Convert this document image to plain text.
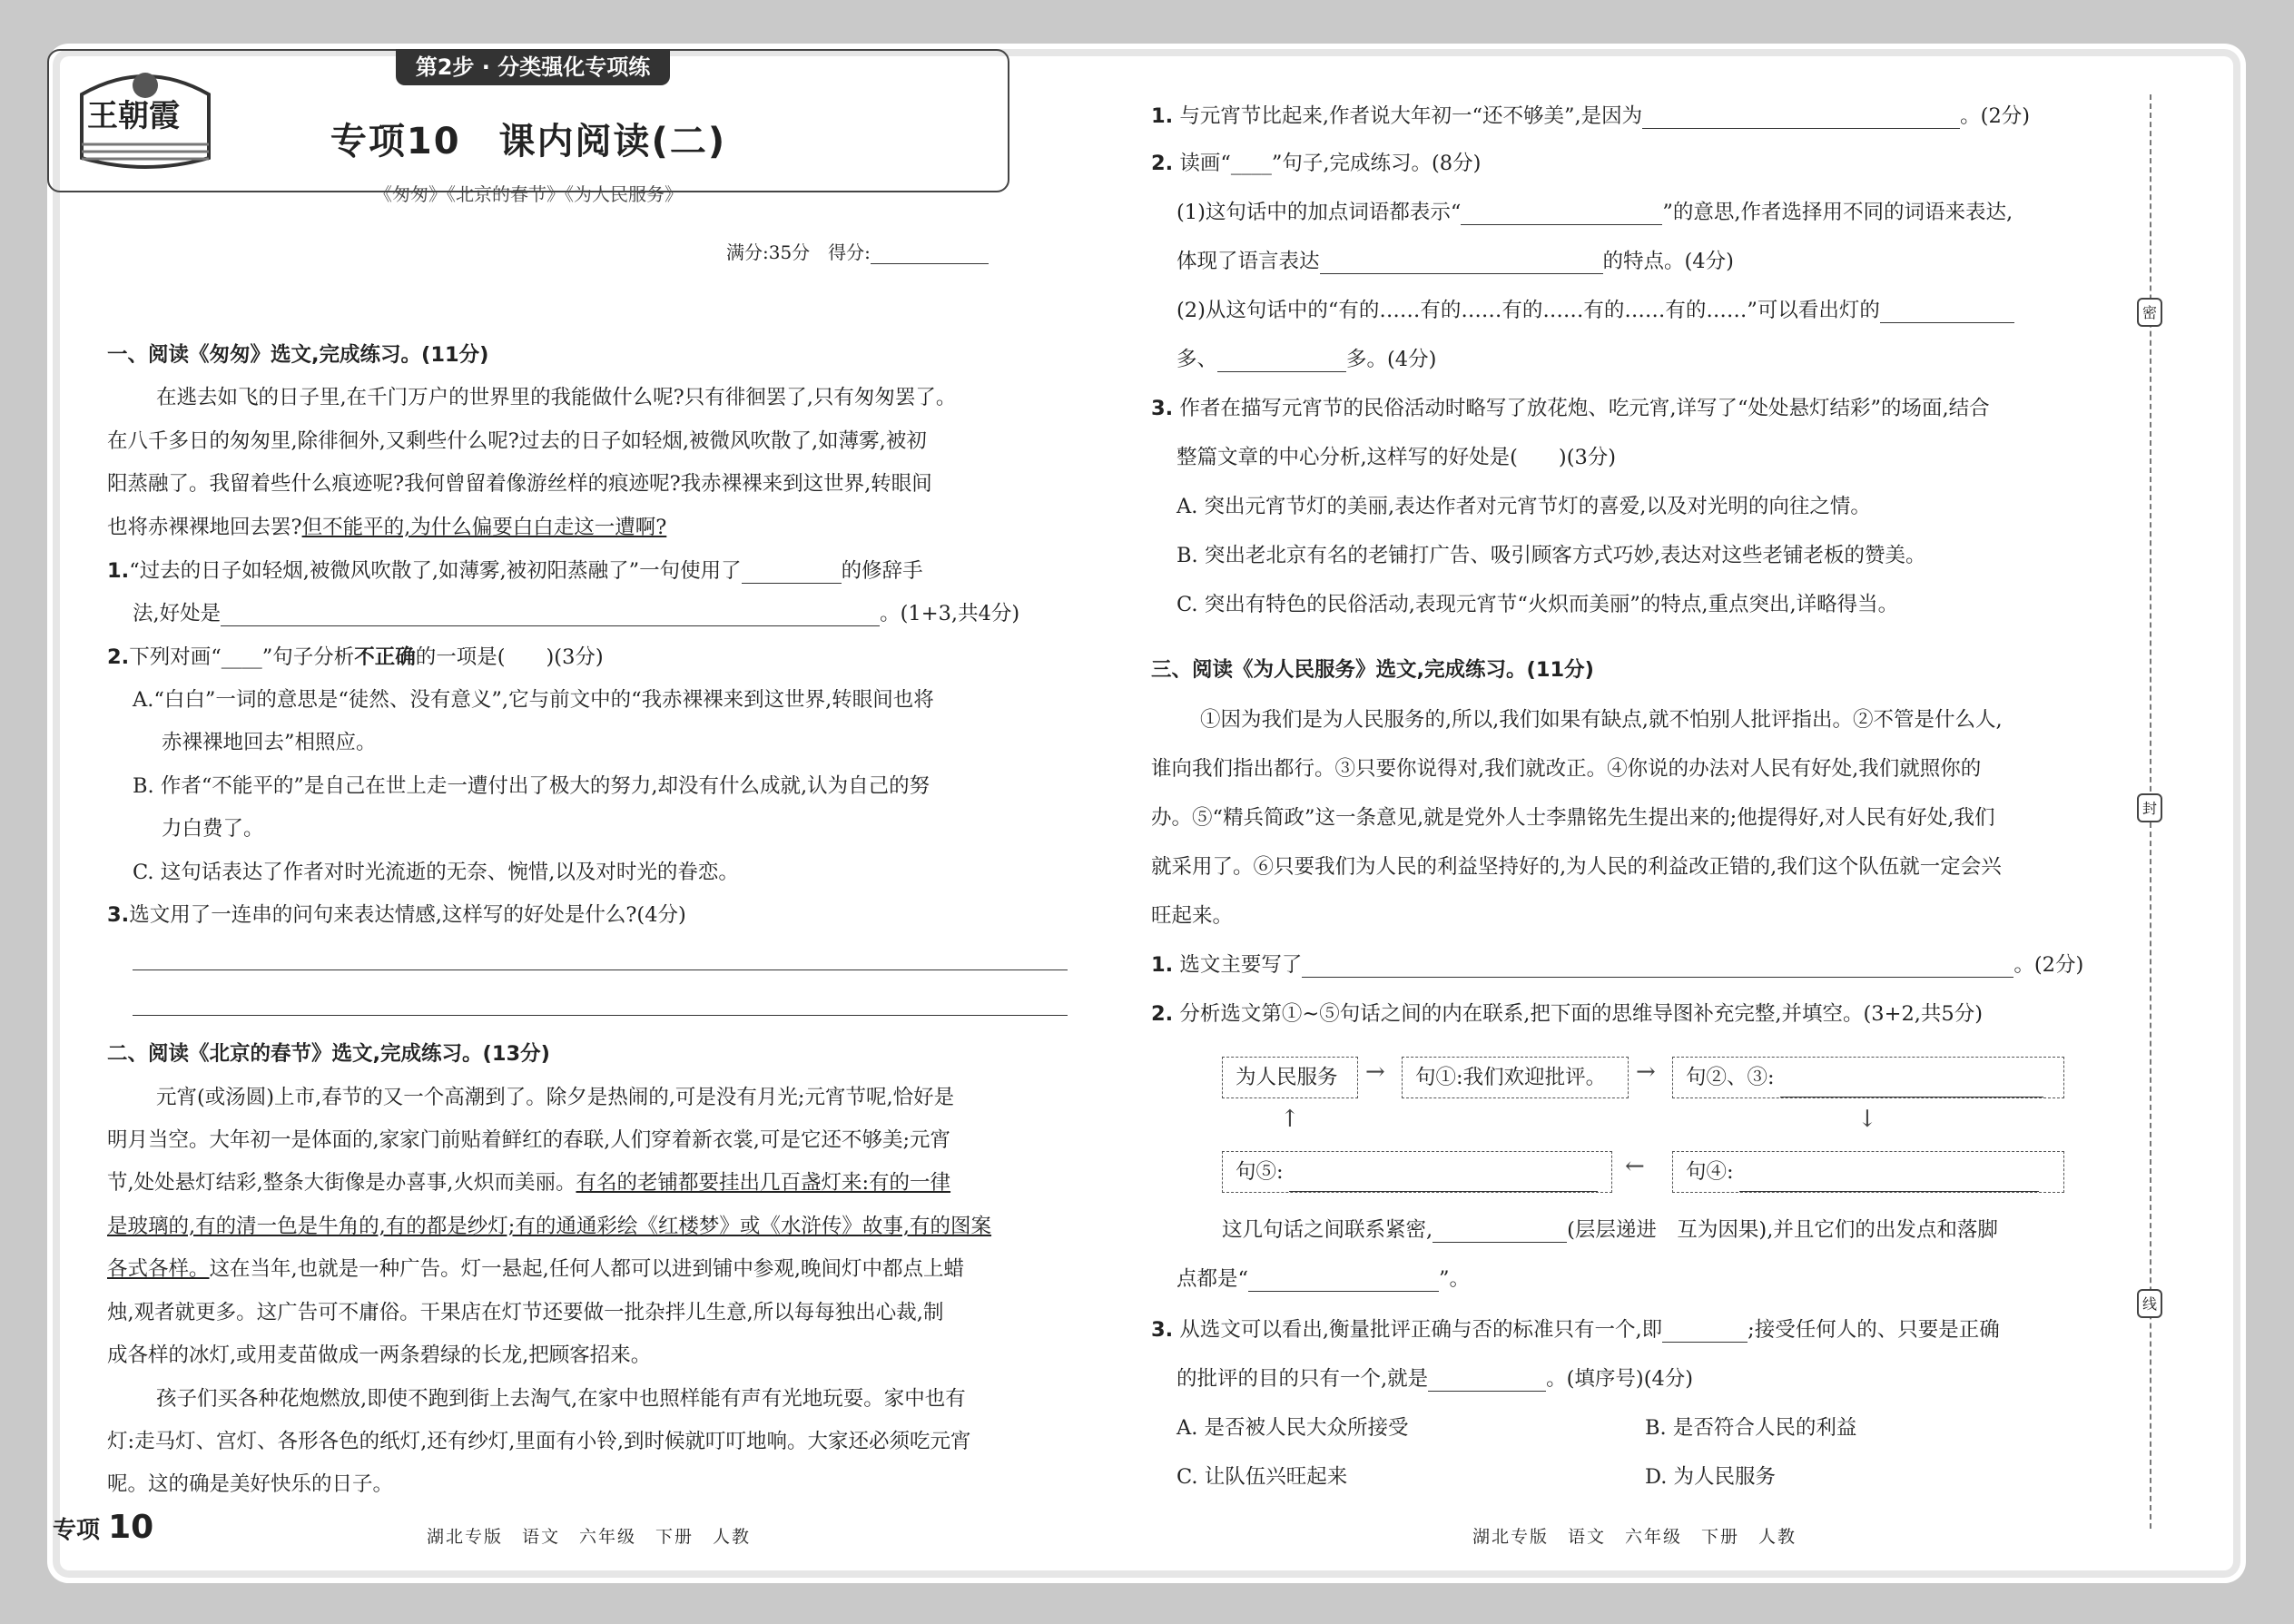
第2步 · 分类强化专项练
王朝霞
专项10　课内阅读(二)
《匆匆》《北京的春节》《为人民服务》
满分:35分　得分:
一、阅读《匆匆》选文,完成练习。(11分)
在逃去如飞的日子里,在千门万户的世界里的我能做什么呢?只有徘徊罢了,只有匆匆罢了。
在八千多日的匆匆里,除徘徊外,又剩些什么呢?过去的日子如轻烟,被微风吹散了,如薄雾,被初
阳蒸融了。我留着些什么痕迹呢?我何曾留着像游丝样的痕迹呢?我赤裸裸来到这世界,转眼间
也将赤裸裸地回去罢?但不能平的,为什么偏要白白走这一遭啊?
1.“过去的日子如轻烟,被微风吹散了,如薄雾,被初阳蒸融了”一句使用了	的修辞手
法,好处是	。(1+3,共4分)
2.下列对画“____”句子分析不正确的一项是(　　)(3分)
A.“白白”一词的意思是“徒然、没有意义”,它与前文中的“我赤裸裸来到这世界,转眼间也将
赤裸裸地回去”相照应。
B. 作者“不能平的”是自己在世上走一遭付出了极大的努力,却没有什么成就,认为自己的努
力白费了。
C. 这句话表达了作者对时光流逝的无奈、惋惜,以及对时光的眷恋。
3.选文用了一连串的问句来表达情感,这样写的好处是什么?(4分)
二、阅读《北京的春节》选文,完成练习。(13分)
元宵(或汤圆)上市,春节的又一个高潮到了。除夕是热闹的,可是没有月光;元宵节呢,恰好是
明月当空。大年初一是体面的,家家门前贴着鲜红的春联,人们穿着新衣裳,可是它还不够美;元宵
节,处处悬灯结彩,整条大街像是办喜事,火炽而美丽。有名的老铺都要挂出几百盏灯来:有的一律
是玻璃的,有的清一色是牛角的,有的都是纱灯;有的通通彩绘《红楼梦》或《水浒传》故事,有的图案
各式各样。这在当年,也就是一种广告。灯一悬起,任何人都可以进到铺中参观,晚间灯中都点上蜡
烛,观者就更多。这广告可不庸俗。干果店在灯节还要做一批杂拌儿生意,所以每每独出心裁,制
成各样的冰灯,或用麦苗做成一两条碧绿的长龙,把顾客招来。
孩子们买各种花炮燃放,即使不跑到街上去淘气,在家中也照样能有声有光地玩耍。家中也有
灯:走马灯、宫灯、各形各色的纸灯,还有纱灯,里面有小铃,到时候就叮叮地响。大家还必须吃元宵
呢。这的确是美好快乐的日子。
专项 10	湖北专版　语文　六年级　下册　人教
1. 与元宵节比起来,作者说大年初一“还不够美”,是因为	。(2分)
2. 读画“____”句子,完成练习。(8分)
(1)这句话中的加点词语都表示“	”的意思,作者选择用不同的词语来表达,
体现了语言表达	的特点。(4分)
(2)从这句话中的“有的……有的……有的……有的……有的……”可以看出灯的
多、	多。(4分)
3. 作者在描写元宵节的民俗活动时略写了放花炮、吃元宵,详写了“处处悬灯结彩”的场面,结合
整篇文章的中心分析,这样写的好处是(　　)(3分)
A. 突出元宵节灯的美丽,表达作者对元宵节灯的喜爱,以及对光明的向往之情。
B. 突出老北京有名的老铺打广告、吸引顾客方式巧妙,表达对这些老铺老板的赞美。
C. 突出有特色的民俗活动,表现元宵节“火炽而美丽”的特点,重点突出,详略得当。
三、阅读《为人民服务》选文,完成练习。(11分)
①因为我们是为人民服务的,所以,我们如果有缺点,就不怕别人批评指出。②不管是什么人,
谁向我们指出都行。③只要你说得对,我们就改正。④你说的办法对人民有好处,我们就照你的
办。⑤“精兵简政”这一条意见,就是党外人士李鼎铭先生提出来的;他提得好,对人民有好处,我们
就采用了。⑥只要我们为人民的利益坚持好的,为人民的利益改正错的,我们这个队伍就一定会兴
旺起来。
1. 选文主要写了	。(2分)
2. 分析选文第①~⑤句话之间的内在联系,把下面的思维导图补充完整,并填空。(3+2,共5分)
为人民服务	→	句①:我们欢迎批评。	→	句②、③:
↓
句④:
←
句⑤:
↑
这几句话之间联系紧密,	(层层递进　互为因果),并且它们的出发点和落脚
点都是“	”。
3. 从选文可以看出,衡量批评正确与否的标准只有一个,即	;接受任何人的、只要是正确
的批评的目的只有一个,就是	。(填序号)(4分)
A. 是否被人民大众所接受	B. 是否符合人民的利益
C. 让队伍兴旺起来	D. 为人民服务
湖北专版　语文　六年级　下册　人教
密
封
线
